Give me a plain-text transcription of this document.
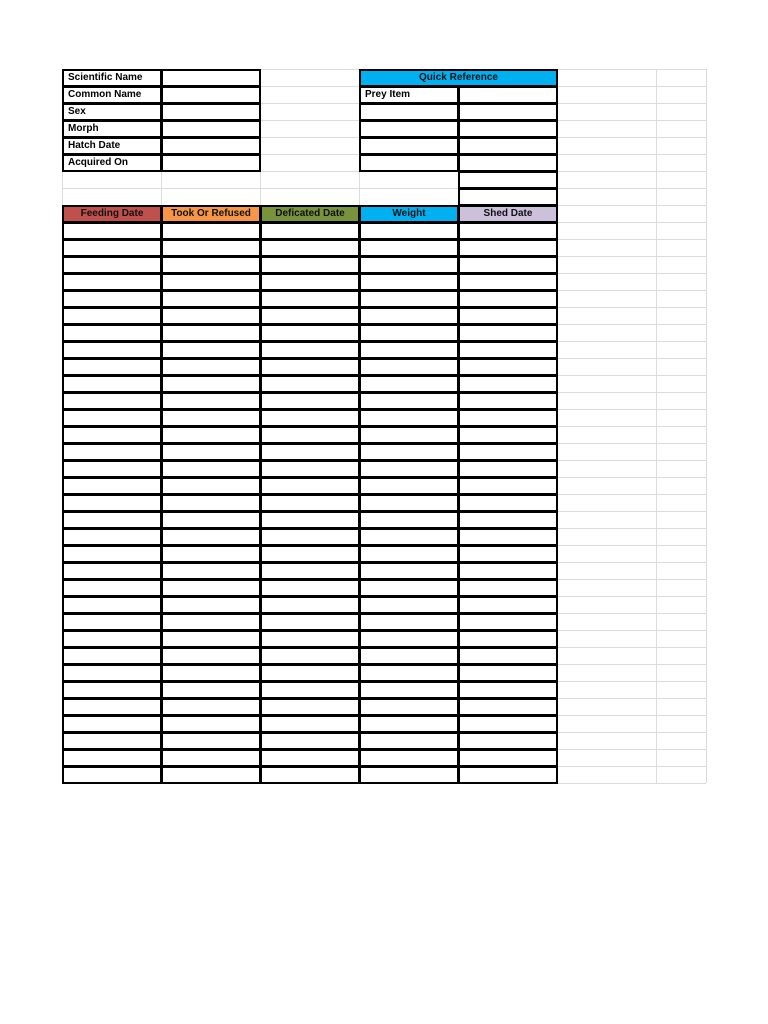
Scientific Name
Common Name
Sex
Morph
Hatch Date
Acquired On
Quick Reference
Prey Item
Feeding Date	Took Or Refused	Deficated Date	Weight	Shed Date
